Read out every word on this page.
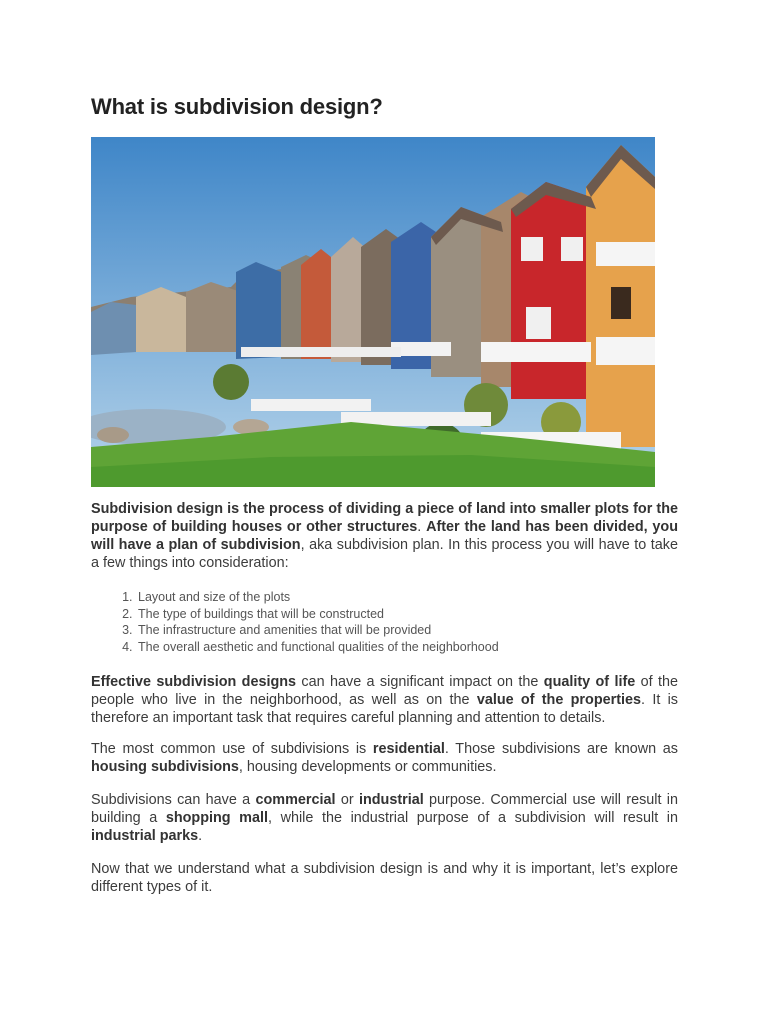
What is subdivision design?

Subdivision design is the process of dividing a piece of land into smaller plots for the purpose of building houses or other structures. After the land has been divided, you will have a plan of subdivision, aka subdivision plan. In this process you will have to take a few things into consideration:

1. Layout and size of the plots
2. The type of buildings that will be constructed
3. The infrastructure and amenities that will be provided
4. The overall aesthetic and functional qualities of the neighborhood

Effective subdivision designs can have a significant impact on the quality of life of the people who live in the neighborhood, as well as on the value of the properties. It is therefore an important task that requires careful planning and attention to details.

The most common use of subdivisions is residential. Those subdivisions are known as housing subdivisions, housing developments or communities.

Subdivisions can have a commercial or industrial purpose. Commercial use will result in building a shopping mall, while the industrial purpose of a subdivision will result in industrial parks.

Now that we understand what a subdivision design is and why it is important, let’s explore different types of it.
